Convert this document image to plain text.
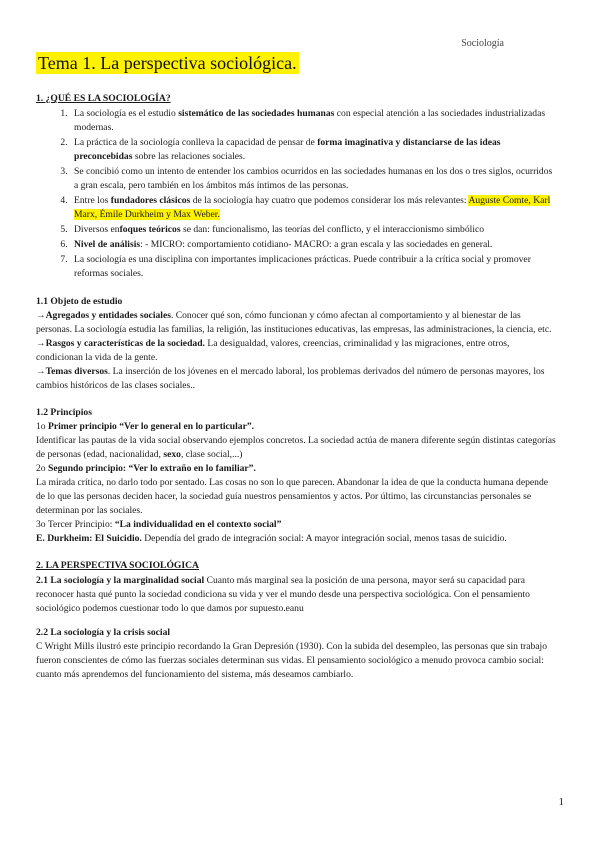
Sociología
Tema 1. La perspectiva sociológica.
1. ¿QUÉ ES LA SOCIOLOGÍA?
1. La sociología es el estudio sistemático de las sociedades humanas con especial atención a las sociedades industrializadas modernas.
2. La práctica de la sociología conlleva la capacidad de pensar de forma imaginativa y distanciarse de las ideas preconcebidas sobre las relaciones sociales.
3. Se concibió como un intento de entender los cambios ocurridos en las sociedades humanas en los dos o tres siglos, ocurridos a gran escala, pero también en los ámbitos más íntimos de las personas.
4. Entre los fundadores clásicos de la sociología hay cuatro que podemos considerar los más relevantes: Auguste Comte, Karl Marx, Émile Durkheim y Max Weber.
5. Diversos enfoques teóricos se dan: funcionalismo, las teorías del conflicto, y el interaccionismo simbólico
6. Nivel de análisis: - MICRO: comportamiento cotidiano- MACRO: a gran escala y las sociedades en general.
7. La sociología es una disciplina con importantes implicaciones prácticas. Puede contribuir a la crítica social y promover reformas sociales.
1.1 Objeto de estudio

→Agregados y entidades sociales. Conocer qué son, cómo funcionan y cómo afectan al comportamiento y al bienestar de las personas. La sociología estudia las familias, la religión, las instituciones educativas, las empresas, las administraciones, la ciencia, etc.

→Rasgos y características de la sociedad. La desigualdad, valores, creencias, criminalidad y las migraciones, entre otros, condicionan la vida de la gente.

→Temas diversos. La inserción de los jóvenes en el mercado laboral, los problemas derivados del número de personas mayores, los cambios históricos de las clases sociales..

1.2 Principios

1o Primer principio “Ver lo general en lo particular”.

Identificar las pautas de la vida social observando ejemplos concretos. La sociedad actúa de manera diferente según distintas categorías de personas (edad, nacionalidad, sexo, clase social,...)

2o Segundo principio: “Ver lo extraño en lo familiar”.

La mirada crítica, no darlo todo por sentado. Las cosas no son lo que parecen. Abandonar la idea de que la conducta humana depende de lo que las personas deciden hacer, la sociedad guía nuestros pensamientos y actos. Por último, las circunstancias personales se determinan por las sociales.

3o Tercer Principio: “La individualidad en el contexto social”

E. Durkheim: El Suicidio. Dependía del grado de integración social: A mayor integración social, menos tasas de suicidio.

2. LA PERSPECTIVA SOCIOLÓGICA

2.1 La sociología y la marginalidad social Cuanto más marginal sea la posición de una persona, mayor será su capacidad para reconocer hasta qué punto la sociedad condiciona su vida y ver el mundo desde una perspectiva sociológica. Con el pensamiento sociológico podemos cuestionar todo lo que damos por supuesto.eanu

2.2 La sociología y la crisis social

C Wright Mills ilustró este principio recordando la Gran Depresión (1930). Con la subida del desempleo, las personas que sin trabajo fueron conscientes de cómo las fuerzas sociales determinan sus vidas. El pensamiento sociológico a menudo provoca cambio social: cuanto más aprendemos del funcionamiento del sistema, más deseamos cambiarlo.

1
